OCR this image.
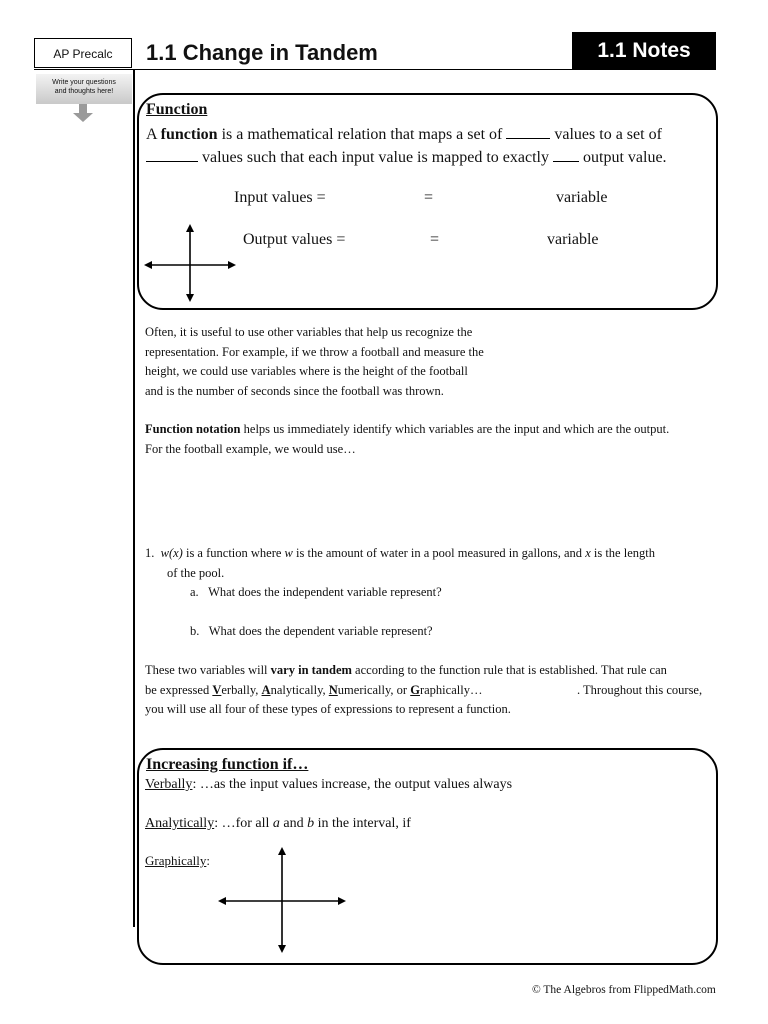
AP Precalc	1.1 Change in Tandem	1.1 Notes
Write your questions
and thoughts here!
Function
A function is a mathematical relation that maps a set of	values to a set of
values such that each input value is mapped to exactly  output value.
Input values =	=	variable
Output values =	=	variable
Often, it is useful to use other variables that help us recognize the
representation. For example, if we throw a football and measure the
height, we could use variables where is the height of the football
and is the number of seconds since the football was thrown.
Function notation helps us immediately identify which variables are the input and which are the output.
For the football example, we would use…
1. w(x) is a function where w is the amount of water in a pool measured in gallons, and x is the length
of the pool.
a. What does the independent variable represent?
b. What does the dependent variable represent?
These two variables will vary in tandem according to the function rule that is established. That rule can
be expressed Verbally, Analytically, Numerically, or Graphically…	. Throughout this course,
you will use all four of these types of expressions to represent a function.
Increasing function if…
Verbally: …as the input values increase, the output values always
Analytically: …for all a and b in the interval, if
Graphically:
© The Algebros from FlippedMath.com
